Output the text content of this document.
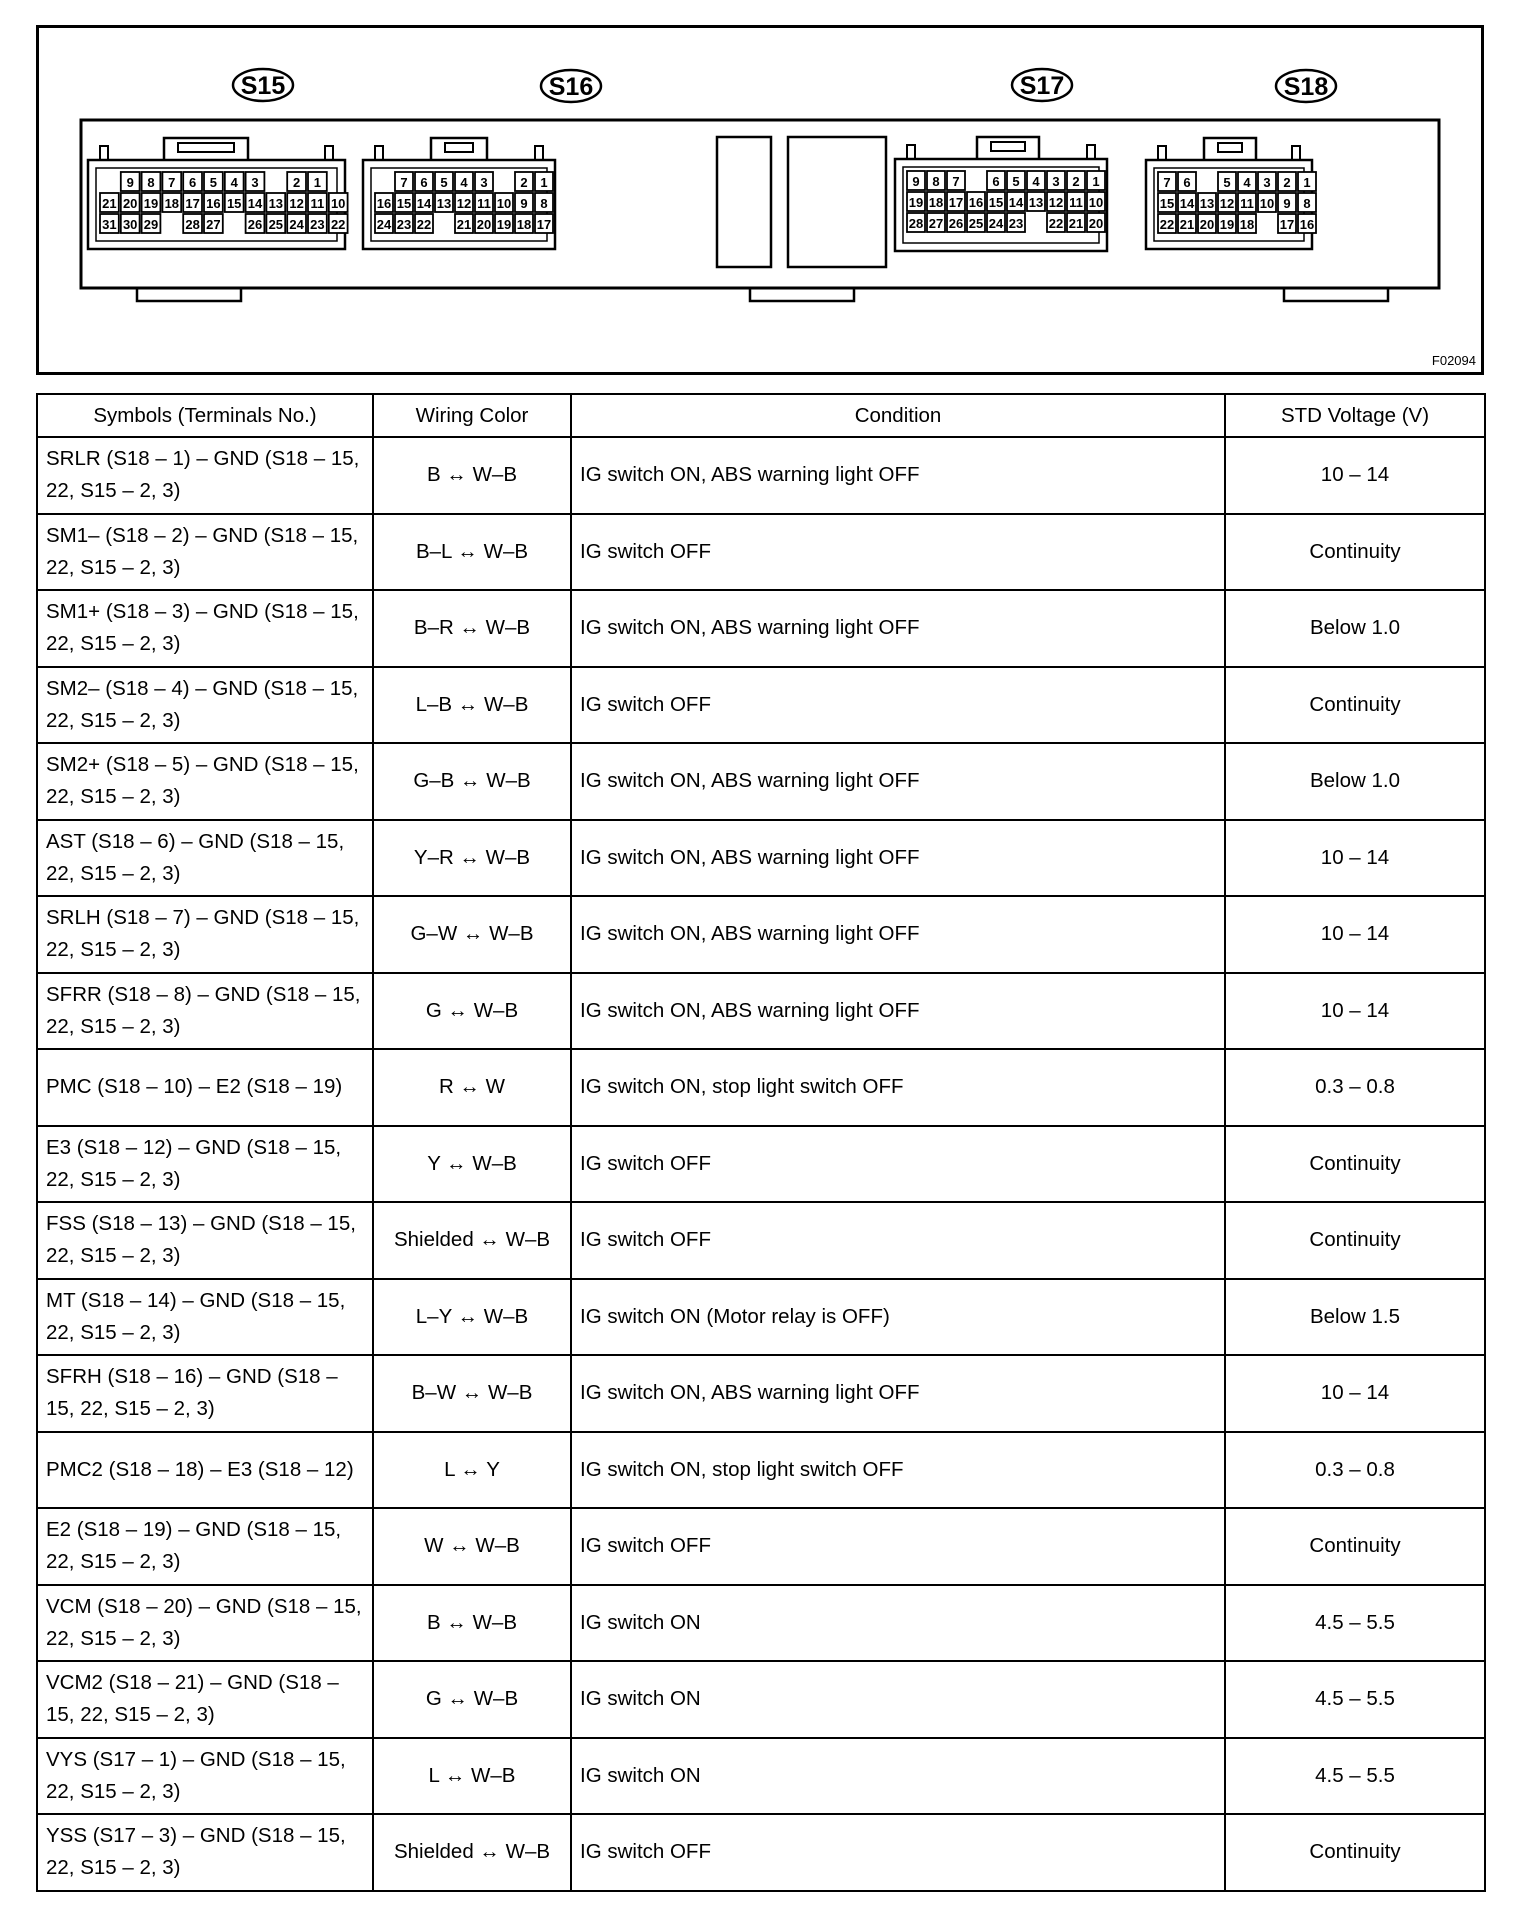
9 8 7 6 5 4 3	2 1
21 20 19 18 17 16 15 14 13 12 11 10
31 30 29 28 27 26 25 24 23 22
7 6 5 4 3	2 1
16 15 14 13 12 11 10 9 8
24 23 22 21 20 19 18 17
9 8 7	6 5 4 3 2 1
19 18 17 16 15 14 13 12 11 10
28 27 26 25 24 23 22 21 20
7 6	5 4 3 2 1
15 14 13 12 11 10 9 8
22 21 20 19 18 17 16
S15	S16	S17	S18
F02094
Symbols (Terminals No.)	Wiring Color	Condition	STD Voltage (V)
SRLR (S18 – 1) – GND (S18 – 15, 22, S15 – 2, 3)	B ↔ W–B	IG switch ON, ABS warning light OFF	10 – 14
SM1– (S18 – 2) – GND (S18 – 15, 22, S15 – 2, 3)	B–L ↔ W–B	IG switch OFF	Continuity
SM1+ (S18 – 3) – GND (S18 – 15, 22, S15 – 2, 3)	B–R ↔ W–B	IG switch ON, ABS warning light OFF	Below 1.0
SM2– (S18 – 4) – GND (S18 – 15, 22, S15 – 2, 3)	L–B ↔ W–B	IG switch OFF	Continuity
SM2+ (S18 – 5) – GND (S18 – 15, 22, S15 – 2, 3)	G–B ↔ W–B	IG switch ON, ABS warning light OFF	Below 1.0
AST (S18 – 6) – GND (S18 – 15, 22, S15 – 2, 3)	Y–R ↔ W–B	IG switch ON, ABS warning light OFF	10 – 14
SRLH (S18 – 7) – GND (S18 – 15, 22, S15 – 2, 3)	G–W ↔ W–B	IG switch ON, ABS warning light OFF	10 – 14
SFRR (S18 – 8) – GND (S18 – 15, 22, S15 – 2, 3)	G ↔ W–B	IG switch ON, ABS warning light OFF	10 – 14
PMC (S18 – 10) – E2 (S18 – 19)	R ↔ W	IG switch ON, stop light switch OFF	0.3 – 0.8
E3 (S18 – 12) – GND (S18 – 15, 22, S15 – 2, 3)	Y ↔ W–B	IG switch OFF	Continuity
FSS (S18 – 13) – GND (S18 – 15, 22, S15 – 2, 3)	Shielded ↔ W–B	IG switch OFF	Continuity
MT (S18 – 14) – GND (S18 – 15, 22, S15 – 2, 3)	L–Y ↔ W–B	IG switch ON (Motor relay is OFF)	Below 1.5
SFRH (S18 – 16) – GND (S18 – 15, 22, S15 – 2, 3)	B–W ↔ W–B	IG switch ON, ABS warning light OFF	10 – 14
PMC2 (S18 – 18) – E3 (S18 – 12)	L ↔ Y	IG switch ON, stop light switch OFF	0.3 – 0.8
E2 (S18 – 19) – GND (S18 – 15, 22, S15 – 2, 3)	W ↔ W–B	IG switch OFF	Continuity
VCM (S18 – 20) – GND (S18 – 15, 22, S15 – 2, 3)	B ↔ W–B	IG switch ON	4.5 – 5.5
VCM2 (S18 – 21) – GND (S18 – 15, 22, S15 – 2, 3)	G ↔ W–B	IG switch ON	4.5 – 5.5
VYS (S17 – 1) – GND (S18 – 15, 22, S15 – 2, 3)	L ↔ W–B	IG switch ON	4.5 – 5.5
YSS (S17 – 3) – GND (S18 – 15, 22, S15 – 2, 3)	Shielded ↔ W–B	IG switch OFF	Continuity
